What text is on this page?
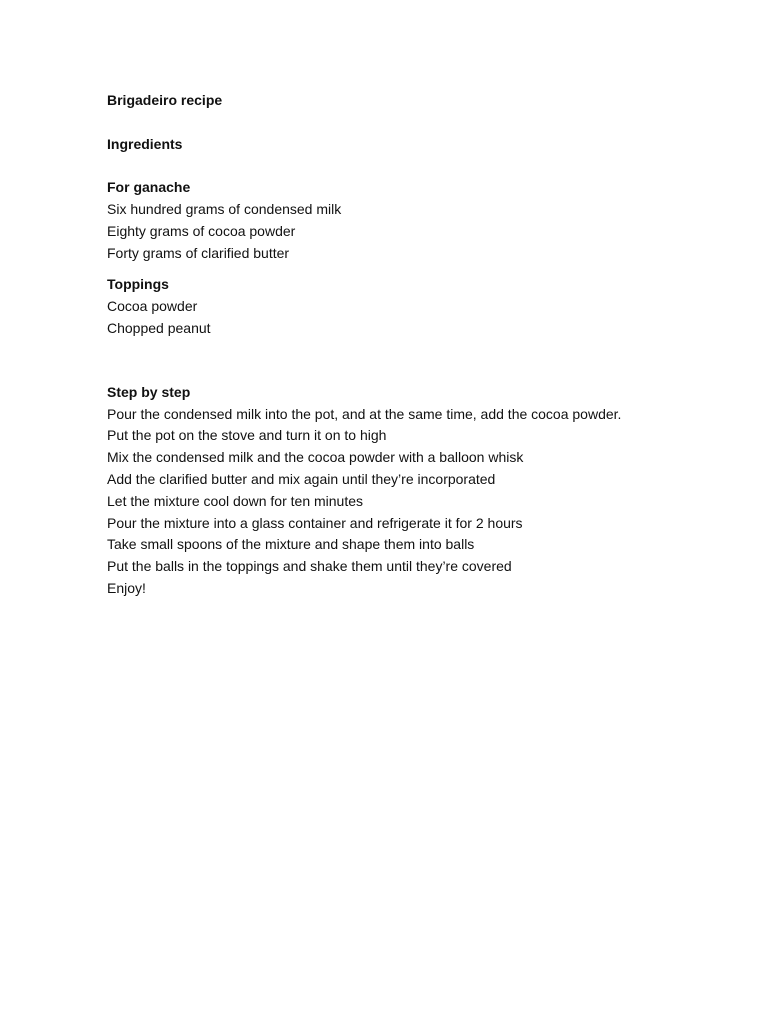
Brigadeiro recipe

Ingredients

For ganache

Six hundred grams of condensed milk
Eighty grams of cocoa powder
Forty grams of clarified butter

Toppings

Cocoa powder
Chopped peanut

Step by step

Pour the condensed milk into the pot, and at the same time, add the cocoa powder.
Put the pot on the stove and turn it on to high
Mix the condensed milk and the cocoa powder with a balloon whisk
Add the clarified butter and mix again until they’re incorporated
Let the mixture cool down for ten minutes
Pour the mixture into a glass container and refrigerate it for 2 hours
Take small spoons of the mixture and shape them into balls
Put the balls in the toppings and shake them until they’re covered
Enjoy!
